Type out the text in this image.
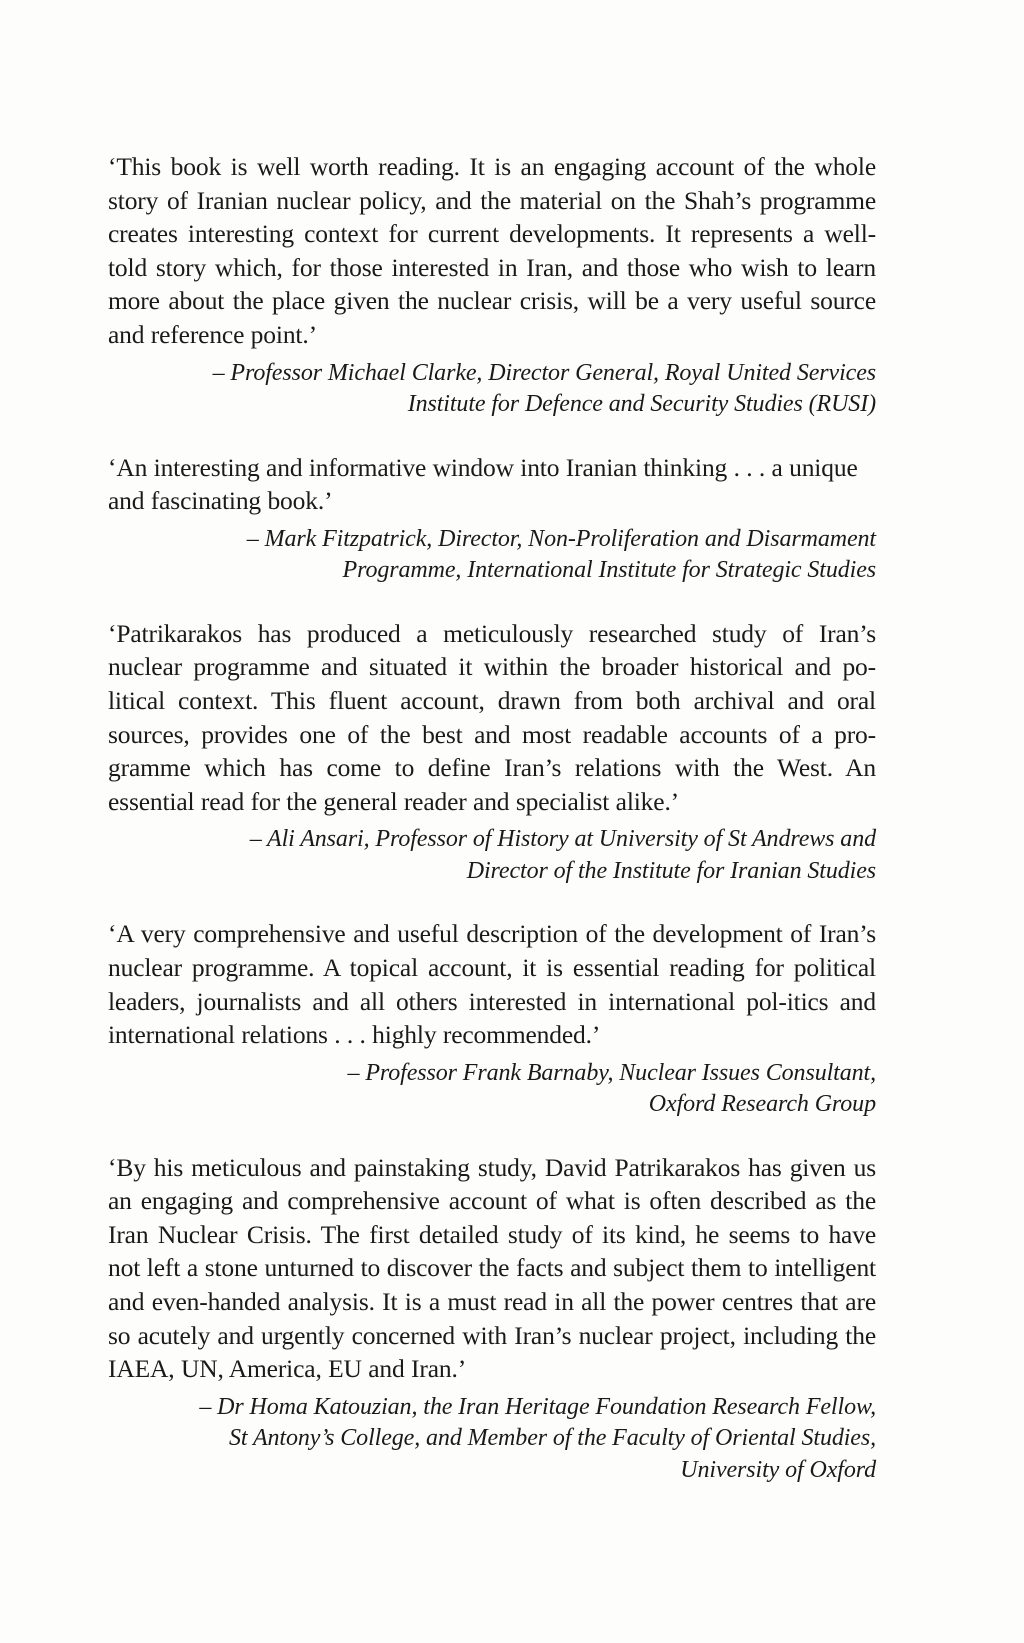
‘This book is well worth reading. It is an engaging account of the whole story of Iranian nuclear policy, and the material on the Shah’s programme creates interesting context for current developments. It represents a well-told story which, for those interested in Iran, and those who wish to learn more about the place given the nuclear crisis, will be a very useful source and reference point.’

– Professor Michael Clarke, Director General, Royal United Services
Institute for Defence and Security Studies (RUSI)

‘An interesting and informative window into Iranian thinking . . . a unique and fascinating book.’

– Mark Fitzpatrick, Director, Non-Proliferation and Disarmament
Programme, International Institute for Strategic Studies

‘Patrikarakos has produced a meticulously researched study of Iran’s nuclear programme and situated it within the broader historical and po-litical context. This fluent account, drawn from both archival and oral sources, provides one of the best and most readable accounts of a pro-gramme which has come to define Iran’s relations with the West. An essential read for the general reader and specialist alike.’

– Ali Ansari, Professor of History at University of St Andrews and
Director of the Institute for Iranian Studies

‘A very comprehensive and useful description of the development of Iran’s nuclear programme. A topical account, it is essential reading for political leaders, journalists and all others interested in international pol-itics and international relations . . . highly recommended.’

– Professor Frank Barnaby, Nuclear Issues Consultant,
Oxford Research Group

‘By his meticulous and painstaking study, David Patrikarakos has given us an engaging and comprehensive account of what is often described as the Iran Nuclear Crisis. The first detailed study of its kind, he seems to have not left a stone unturned to discover the facts and subject them to intelligent and even-handed analysis. It is a must read in all the power centres that are so acutely and urgently concerned with Iran’s nuclear project, including the IAEA, UN, America, EU and Iran.’

– Dr Homa Katouzian, the Iran Heritage Foundation Research Fellow,
St Antony’s College, and Member of the Faculty of Oriental Studies,
University of Oxford
